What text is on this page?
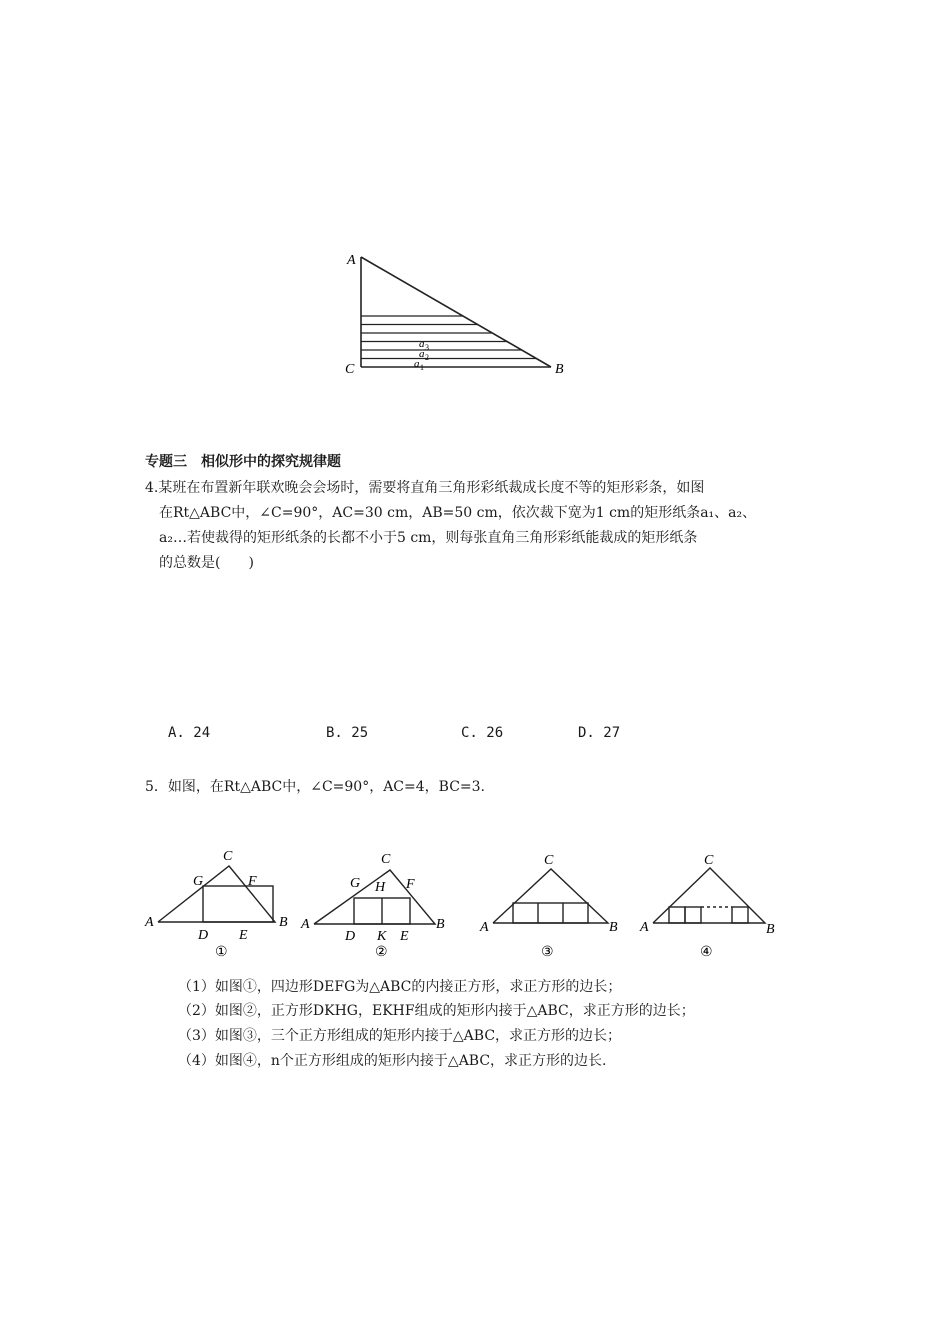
A
B
C
a 3
a 2
a 1
专题三　相似形中的探究规律题
4.某班在布置新年联欢晚会会场时，需要将直角三角形彩纸裁成长度不等的矩形彩条，如图
在Rt△ABC中，∠C=90°，AC=30 cm，AB=50 cm，依次裁下宽为1 cm的矩形纸条a₁、a₂、
a₂…若使裁得的矩形纸条的长都不小于5 cm，则每张直角三角形彩纸能裁成的矩形纸条
的总数是(　　)
A. 24	B. 25	C. 26	D. 27
5．如图，在Rt△ABC中，∠C=90°，AC=4，BC=3.
A	B
C
G	F
D E
①
A	B
C
G H F
D K E
②
A	B
C
③
A	B
C
④
（1）如图①，四边形DEFG为△ABC的内接正方形，求正方形的边长；
（2）如图②，正方形DKHG，EKHF组成的矩形内接于△ABC，求正方形的边长；
（3）如图③，三个正方形组成的矩形内接于△ABC，求正方形的边长；
（4）如图④，n个正方形组成的矩形内接于△ABC，求正方形的边长.
